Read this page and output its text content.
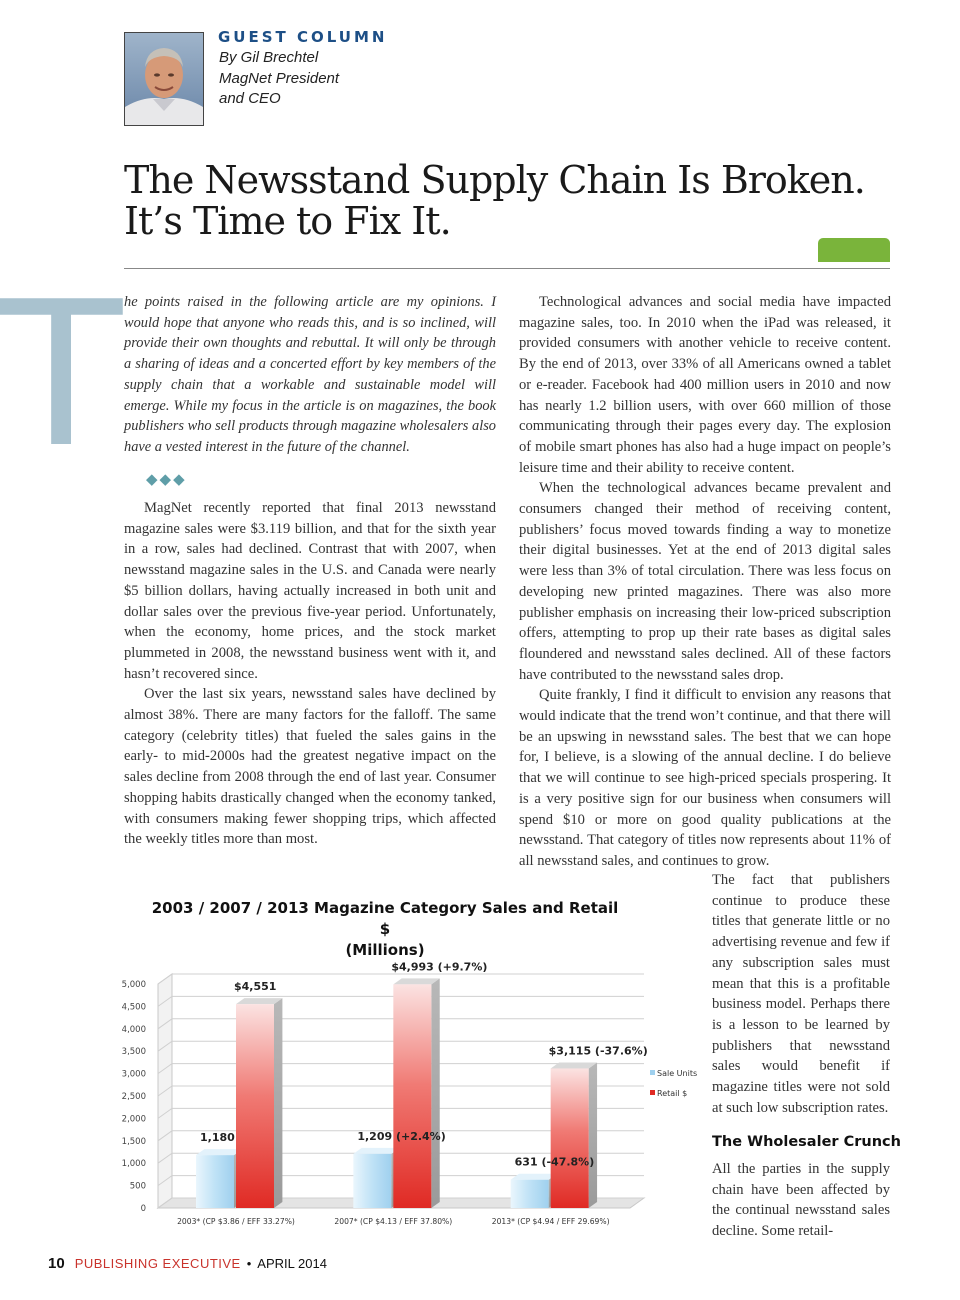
GUEST COLUMN
By Gil Brechtel
MagNet President
and CEO
The Newsstand Supply Chain Is Broken.
It’s Time to Fix It.
T he points raised in the following article are my opinions. I would hope that anyone who reads this, and is so inclined, will provide their own thoughts and rebuttal. It will only be through a sharing of ideas and a concerted effort by key members of the supply chain that a workable and sustainable model will emerge. While my focus in the article is on magazines, the book publishers who sell products through magazine wholesalers also have a vested interest in the future of the channel.
◆◆◆

MagNet recently reported that final 2013 newsstand magazine sales were $3.119 billion, and that for the sixth year in a row, sales had declined. Contrast that with 2007, when newsstand magazine sales in the U.S. and Canada were nearly $5 billion dollars, having actually increased in both unit and dollar sales over the previous five-year period. Unfortunately, when the economy, home prices, and the stock market plummeted in 2008, the newsstand business went with it, and hasn’t recovered since.

Over the last six years, newsstand sales have declined by almost 38%. There are many factors for the falloff. The same category (celebrity titles) that fueled the sales gains in the early- to mid-2000s had the greatest negative impact on the sales decline from 2008 through the end of last year. Consumer shopping habits drastically changed when the economy tanked, with consumers making fewer shopping trips, which affected the weekly titles more than most.

Technological advances and social media have impacted magazine sales, too. In 2010 when the iPad was released, it provided consumers with another vehicle to receive content. By the end of 2013, over 33% of all Americans owned a tablet or e-reader. Facebook had 400 million users in 2010 and now has nearly 1.2 billion users, with over 660 million of those communicating through their pages every day. The explosion of mobile smart phones has also had a huge impact on people’s leisure time and their ability to receive content.

When the technological advances became prevalent and consumers changed their method of receiving content, publishers’ focus moved towards finding a way to monetize their digital businesses. Yet at the end of 2013 digital sales were less than 3% of total circulation. There was less focus on developing new printed magazines. There was also more publisher emphasis on increasing their low-priced subscription offers, attempting to prop up their rate bases as digital sales floundered and newsstand sales declined. All of these factors have contributed to the newsstand sales drop.

Quite frankly, I find it difficult to envision any reasons that would indicate that the trend won’t continue, and that there will be an upswing in newsstand sales. The best that we can hope for, I believe, is a slowing of the annual decline. I do believe that we will continue to see high-priced specials prospering. It is a very positive sign for our business when consumers will spend $10 or more on good quality publications at the newsstand. That category of titles now represents about 11% of all newsstand sales, and continues to grow.

The fact that publishers continue to produce these titles that generate little or no advertising revenue and few if any subscription sales must mean that this is a profitable business model. Perhaps there is a lesson to be learned by publishers that newsstand sales would benefit if magazine titles were not sold at such low subscription rates.

The Wholesaler Crunch

All the parties in the supply chain have been affected by the continual newsstand sales decline. Some retail-

2003 / 2007 / 2013 Magazine Category Sales and Retail $
(Millions)
0
500
1,000
1,500
2,000
2,500
3,000
3,500
4,000
4,500
5,000
1,180
$4,551
2003* (CP $3.86 / EFF 33.27%)
1,209 (+2.4%)
$4,993 (+9.7%)
2007* (CP $4.13 / EFF 37.80%)
631 (-47.8%)
$3,115 (-37.6%)
2013* (CP $4.94 / EFF 29.69%)
Sale Units
Retail $
10 PUBLISHING EXECUTIVE • APRIL 2014
